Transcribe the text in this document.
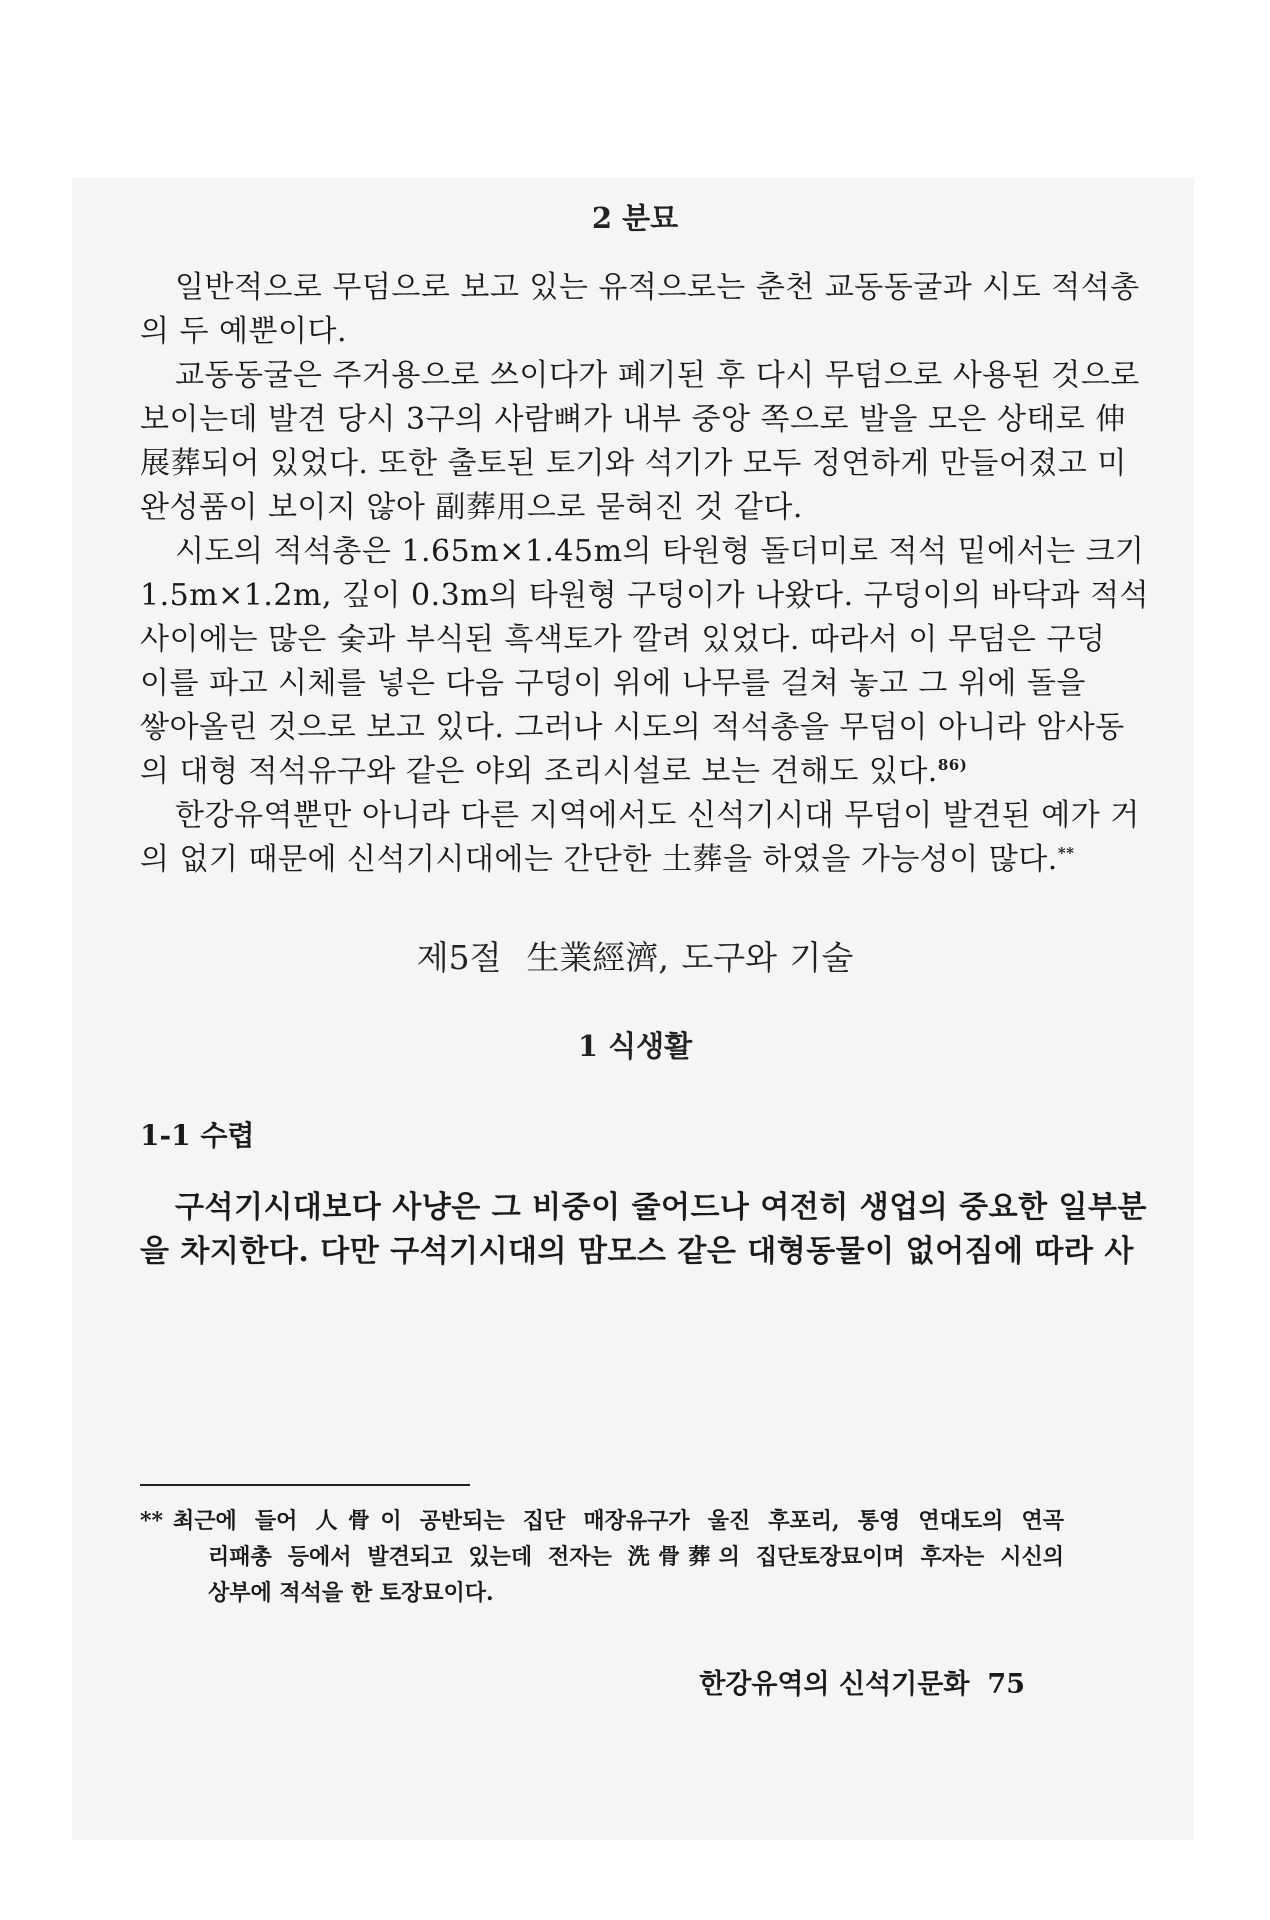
2 분묘
일반적으로 무덤으로 보고 있는 유적으로는 춘천 교동동굴과 시도 적석총
의 두 예뿐이다.
교동동굴은 주거용으로 쓰이다가 폐기된 후 다시 무덤으로 사용된 것으로
보이는데 발견 당시 3구의 사람뼈가 내부 중앙 쪽으로 발을 모은 상태로 伸
展葬되어 있었다. 또한 출토된 토기와 석기가 모두 정연하게 만들어졌고 미
완성품이 보이지 않아 副葬用으로 묻혀진 것 같다.
시도의 적석총은 1.65m×1.45m의 타원형 돌더미로 적석 밑에서는 크기
1.5m×1.2m, 깊이 0.3m의 타원형 구덩이가 나왔다. 구덩이의 바닥과 적석
사이에는 많은 숯과 부식된 흑색토가 깔려 있었다. 따라서 이 무덤은 구덩
이를 파고 시체를 넣은 다음 구덩이 위에 나무를 걸쳐 놓고 그 위에 돌을
쌓아올린 것으로 보고 있다. 그러나 시도의 적석총을 무덤이 아니라 암사동
의 대형 적석유구와 같은 야외 조리시설로 보는 견해도 있다.$^{86)}$
한강유역뿐만 아니라 다른 지역에서도 신석기시대 무덤이 발견된 예가 거
의 없기 때문에 신석기시대에는 간단한 土葬을 하였을 가능성이 많다.**
제5절  生業經濟, 도구와 기술
1 식생활
1-1 수렵
구석기시대보다 사냥은 그 비중이 줄어드나 여전히 생업의 중요한 일부분
을 차지한다. 다만 구석기시대의 맘모스 같은 대형동물이 없어짐에 따라 사
** 최근에 들어 人骨이 공반되는 집단 매장유구가 울진 후포리, 통영 연대도의 연곡
리패총 등에서 발견되고 있는데 전자는 洗骨葬의 집단토장묘이며 후자는 시신의
상부에 적석을 한 토장묘이다.
한강유역의 신석기문화 75
